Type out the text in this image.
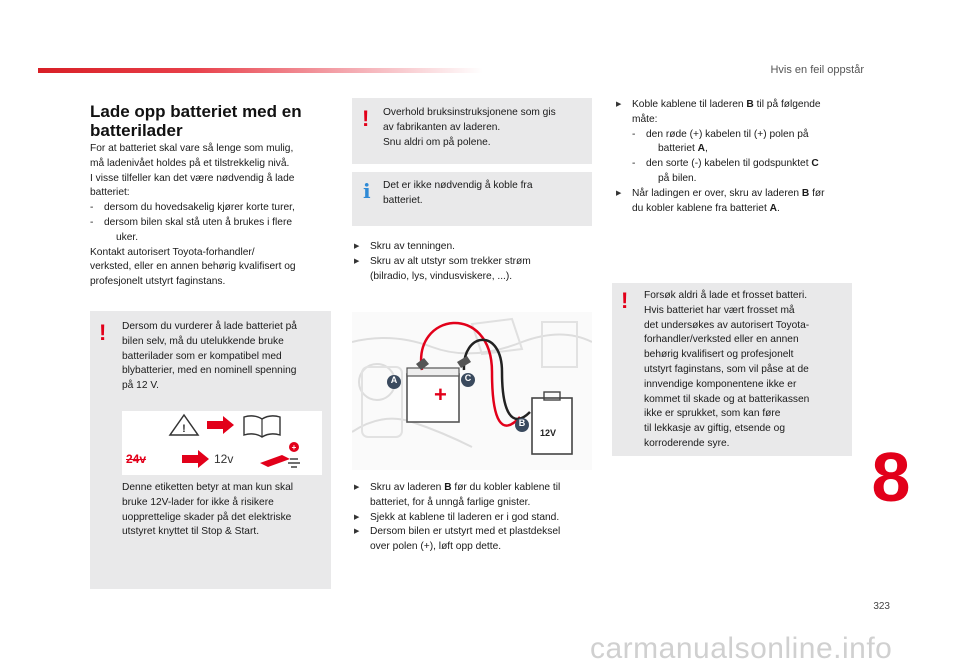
Hvis en feil oppstår
Lade opp batteriet med en
batterilader

For at batteriet skal vare så lenge som mulig,

må ladenivået holdes på et tilstrekkelig nivå.

I visse tilfeller kan det være nødvendig å lade

batteriet:

- dersom du hovedsakelig kjører korte turer,

- dersom bilen skal stå uten å brukes i flere
uker.

Kontakt autorisert Toyota-forhandler/

verksted, eller en annen behørig kvalifisert og

profesjonelt utstyrt faginstans.

! Dersom du vurderer å lade batteriet på

bilen selv, må du utelukkende bruke

batterilader som er kompatibel med

blybatterier, med en nominell spenning

på 12 V.

!
+
24v	12v

Denne etiketten betyr at man kun skal

bruke 12V-lader for ikke å risikere

uopprettelige skader på det elektriske

utstyret knyttet til Stop & Start.

! Overhold bruksinstruksjonene som gis

av fabrikanten av laderen.

Snu aldri om på polene.

i Det er ikke nødvendig å koble fra

batteriet.

▶ Skru av tenningen.
▶ Skru av alt utstyr som trekker strøm
(bilradio, lys, vindusviskere, ...).
+
A	C
B
12V
▶ Skru av laderen B før du kobler kablene til
batteriet, for å unngå farlige gnister.
▶ Sjekk at kablene til laderen er i god stand.
▶ Dersom bilen er utstyrt med et plastdeksel
over polen (+), løft opp dette.
▶ Koble kablene til laderen B til på følgende
måte:
- den røde (+) kabelen til (+) polen på
batteriet A,
- den sorte (-) kabelen til godspunktet C
på bilen.
▶ Når ladingen er over, skru av laderen B før
du kobler kablene fra batteriet A.
! Forsøk aldri å lade et frosset batteri.

Hvis batteriet har vært frosset må

det undersøkes av autorisert Toyota-

forhandler/verksted eller en annen

behørig kvalifisert og profesjonelt

utstyrt faginstans, som vil påse at de

innvendige komponentene ikke er

kommet til skade og at batterikassen

ikke er sprukket, som kan føre

til lekkasje av giftig, etsende og

korroderende syre.	8
323
carmanualsonline.info
